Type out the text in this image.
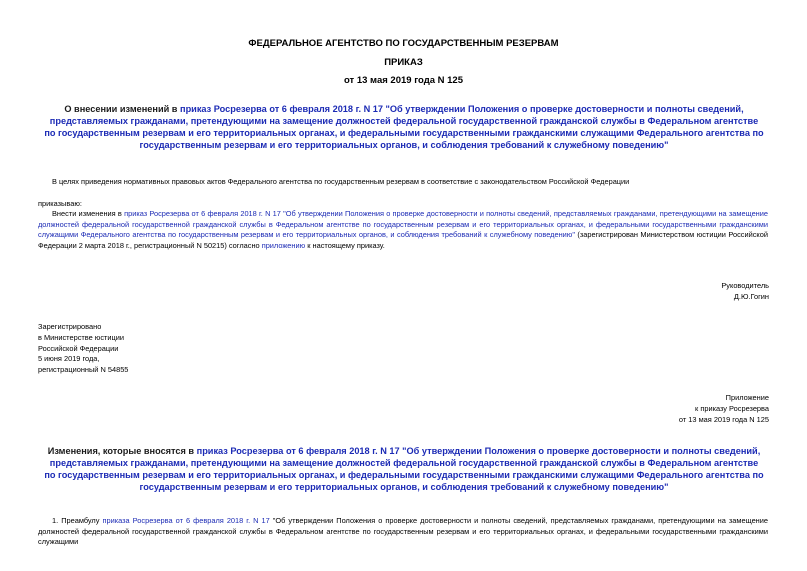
ФЕДЕРАЛЬНОЕ АГЕНТСТВО ПО ГОСУДАРСТВЕННЫМ РЕЗЕРВАМ
ПРИКАЗ
от 13 мая 2019 года N 125
О внесении изменений в приказ Росрезерва от 6 февраля 2018 г. N 17 "Об утверждении Положения о проверке достоверности и полноты сведений, представляемых гражданами, претендующими на замещение должностей федеральной государственной гражданской службы в Федеральном агентстве по государственным резервам и его территориальных органах, и федеральными государственными гражданскими служащими Федерального агентства по государственным резервам и его территориальных органов, и соблюдения требований к служебному поведению"
В целях приведения нормативных правовых актов Федерального агентства по государственным резервам в соответствие с законодательством Российской Федерации
приказываю:
Внести изменения в приказ Росрезерва от 6 февраля 2018 г. N 17 "Об утверждении Положения о проверке достоверности и полноты сведений, представляемых гражданами, претендующими на замещение должностей федеральной государственной гражданской службы в Федеральном агентстве по государственным резервам и его территориальных органах, и федеральными государственными гражданскими служащими Федерального агентства по государственным резервам и его территориальных органов, и соблюдения требований к служебному поведению" (зарегистрирован Министерством юстиции Российской Федерации 2 марта 2018 г., регистрационный N 50215) согласно приложению к настоящему приказу.
Руководитель
Д.Ю.Гогин
Зарегистрировано
в Министерстве юстиции
Российской Федерации
5 июня 2019 года,
регистрационный N 54855
Приложение
к приказу Росрезерва
от 13 мая 2019 года N 125
Изменения, которые вносятся в приказ Росрезерва от 6 февраля 2018 г. N 17 "Об утверждении Положения о проверке достоверности и полноты сведений, представляемых гражданами, претендующими на замещение должностей федеральной государственной гражданской службы в Федеральном агентстве по государственным резервам и его территориальных органах, и федеральными государственными гражданскими служащими Федерального агентства по государственным резервам и его территориальных органов, и соблюдения требований к служебному поведению"
1. Преамбулу приказа Росрезерва от 6 февраля 2018 г. N 17 "Об утверждении Положения о проверке достоверности и полноты сведений, представляемых гражданами, претендующими на замещение должностей федеральной государственной гражданской службы в Федеральном агентстве по государственным резервам и его территориальных органах, и федеральными государственными гражданскими служащими
